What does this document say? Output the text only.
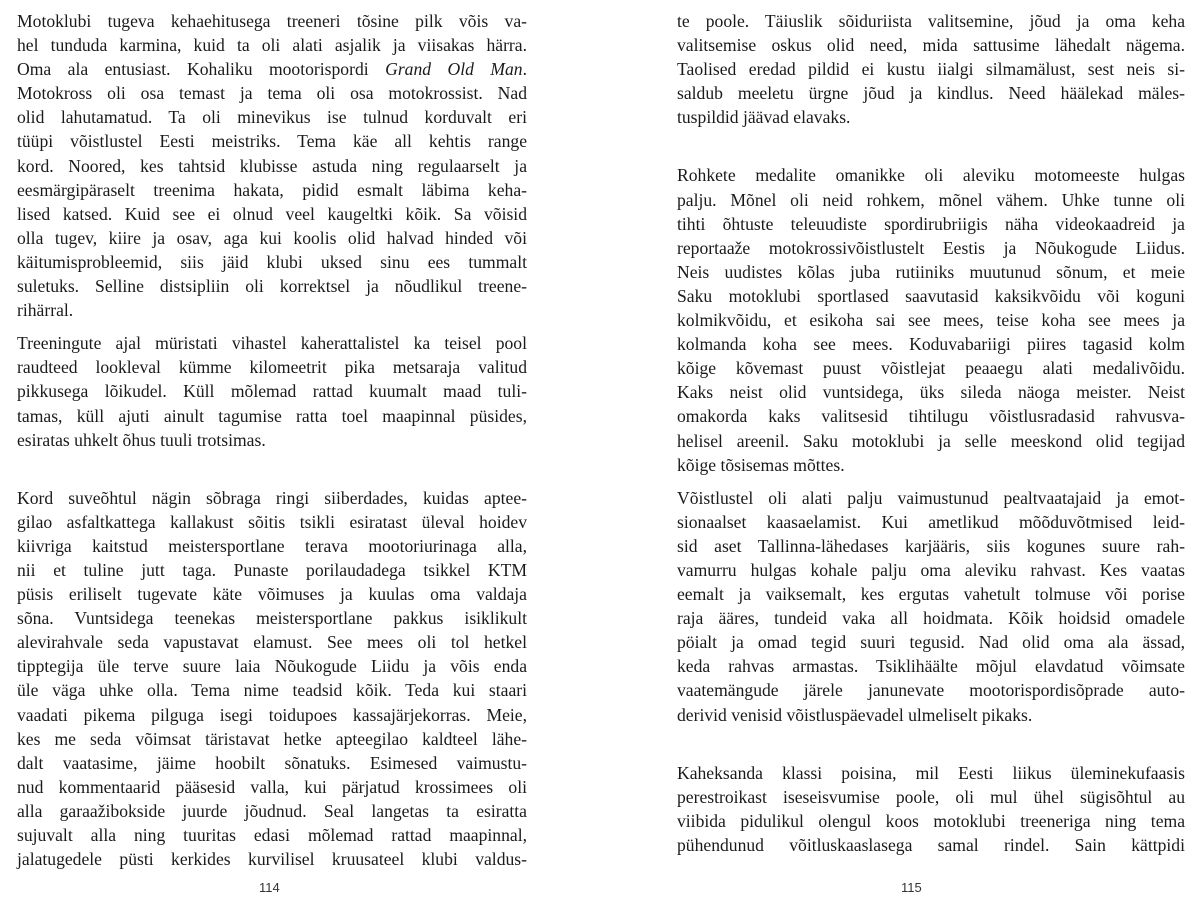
Motoklubi tugeva kehaehitusega treeneri tõsine pilk võis va-
hel tunduda karmina, kuid ta oli alati asjalik ja viisakas härra.
Oma ala entusiast. Kohaliku mootorispordi Grand Old Man.
Motokross oli osa temast ja tema oli osa motokrossist. Nad
olid lahutamatud. Ta oli minevikus ise tulnud korduvalt eri
tüüpi võistlustel Eesti meistriks. Tema käe all kehtis range
kord. Noored, kes tahtsid klubisse astuda ning regulaarselt ja
eesmärgipäraselt treenima hakata, pidid esmalt läbima keha-
lised katsed. Kuid see ei olnud veel kaugeltki kõik. Sa võisid
olla tugev, kiire ja osav, aga kui koolis olid halvad hinded või
käitumisprobleemid, siis jäid klubi uksed sinu ees tummalt
suletuks. Selline distsipliin oli korrektsel ja nõudlikul treene-
rihärral.

Treeningute ajal müristati vihastel kaherattalistel ka teisel pool
raudteed lookleval kümme kilomeetrit pika metsaraja valitud
pikkusega lõikudel. Küll mõlemad rattad kuumalt maad tuli-
tamas, küll ajuti ainult tagumise ratta toel maapinnal püsides,
esiratas uhkelt õhus tuuli trotsimas.

Kord suveõhtul nägin sõbraga ringi siiberdades, kuidas aptee-
gilao asfaltkattega kallakust sõitis tsikli esiratast üleval hoidev
kiivriga kaitstud meistersportlane terava mootoriurinaga alla,
nii et tuline jutt taga. Punaste porilaudadega tsikkel KTM
püsis eriliselt tugevate käte võimuses ja kuulas oma valdaja
sõna. Vuntsidega teenekas meistersportlane pakkus isiklikult
alevirahvale seda vapustavat elamust. See mees oli tol hetkel
tipptegija üle terve suure laia Nõukogude Liidu ja võis enda
üle väga uhke olla. Tema nime teadsid kõik. Teda kui staari
vaadati pikema pilguga isegi toidupoes kassajärjekorras. Meie,
kes me seda võimsat täristavat hetke apteegilao kaldteel lähe-
dalt vaatasime, jäime hoobilt sõnatuks. Esimesed vaimustu-
nud kommentaarid pääsesid valla, kui pärjatud krossimees oli
alla garaažibokside juurde jõudnud. Seal langetas ta esiratta
sujuvalt alla ning tuuritas edasi mõlemad rattad maapinnal,
jalatugedele püsti kerkides kurvilisel kruusateel klubi valdus-

114

te poole. Täiuslik sõiduriista valitsemine, jõud ja oma keha
valitsemise oskus olid need, mida sattusime lähedalt nägema.
Taolised eredad pildid ei kustu iialgi silmamälust, sest neis si-
saldub meeletu ürgne jõud ja kindlus. Need häälekad mäles-
tuspildid jäävad elavaks.

Rohkete medalite omanikke oli aleviku motomeeste hulgas
palju. Mõnel oli neid rohkem, mõnel vähem. Uhke tunne oli
tihti õhtuste teleuudiste spordirubriigis näha videokaadreid ja
reportaaže motokrossivõistlustelt Eestis ja Nõukogude Liidus.
Neis uudistes kõlas juba rutiiniks muutunud sõnum, et meie
Saku motoklubi sportlased saavutasid kaksikvõidu või koguni
kolmikvõidu, et esikoha sai see mees, teise koha see mees ja
kolmanda koha see mees. Koduvabariigi piires tagasid kolm
kõige kõvemast puust võistlejat peaaegu alati medalivõidu.
Kaks neist olid vuntsidega, üks sileda näoga meister. Neist
omakorda kaks valitsesid tihtilugu võistlusradasid rahvusva-
helisel areenil. Saku motoklubi ja selle meeskond olid tegijad
kõige tõsisemas mõttes.

Võistlustel oli alati palju vaimustunud pealtvaatajaid ja emot-
sionaalset kaasaelamist. Kui ametlikud mõõduvõtmised leid-
sid aset Tallinna-lähedases karjääris, siis kogunes suure rah-
vamurru hulgas kohale palju oma aleviku rahvast. Kes vaatas
eemalt ja vaiksemalt, kes ergutas vahetult tolmuse või porise
raja ääres, tundeid vaka all hoidmata. Kõik hoidsid omadele
pöialt ja omad tegid suuri tegusid. Nad olid oma ala ässad,
keda rahvas armastas. Tsiklihäälte mõjul elavdatud võimsate
vaatemängude järele janunevate mootorispordisõprade auto-
derivid venisid võistluspäevadel ulmeliselt pikaks.

Kaheksanda klassi poisina, mil Eesti liikus üleminekufaasis
perestroikast iseseisvumise poole, oli mul ühel sügisõhtul au
viibida pidulikul olengul koos motoklubi treeneriga ning tema
pühendunud võitluskaaslasega samal rindel. Sain kättpidi

115
